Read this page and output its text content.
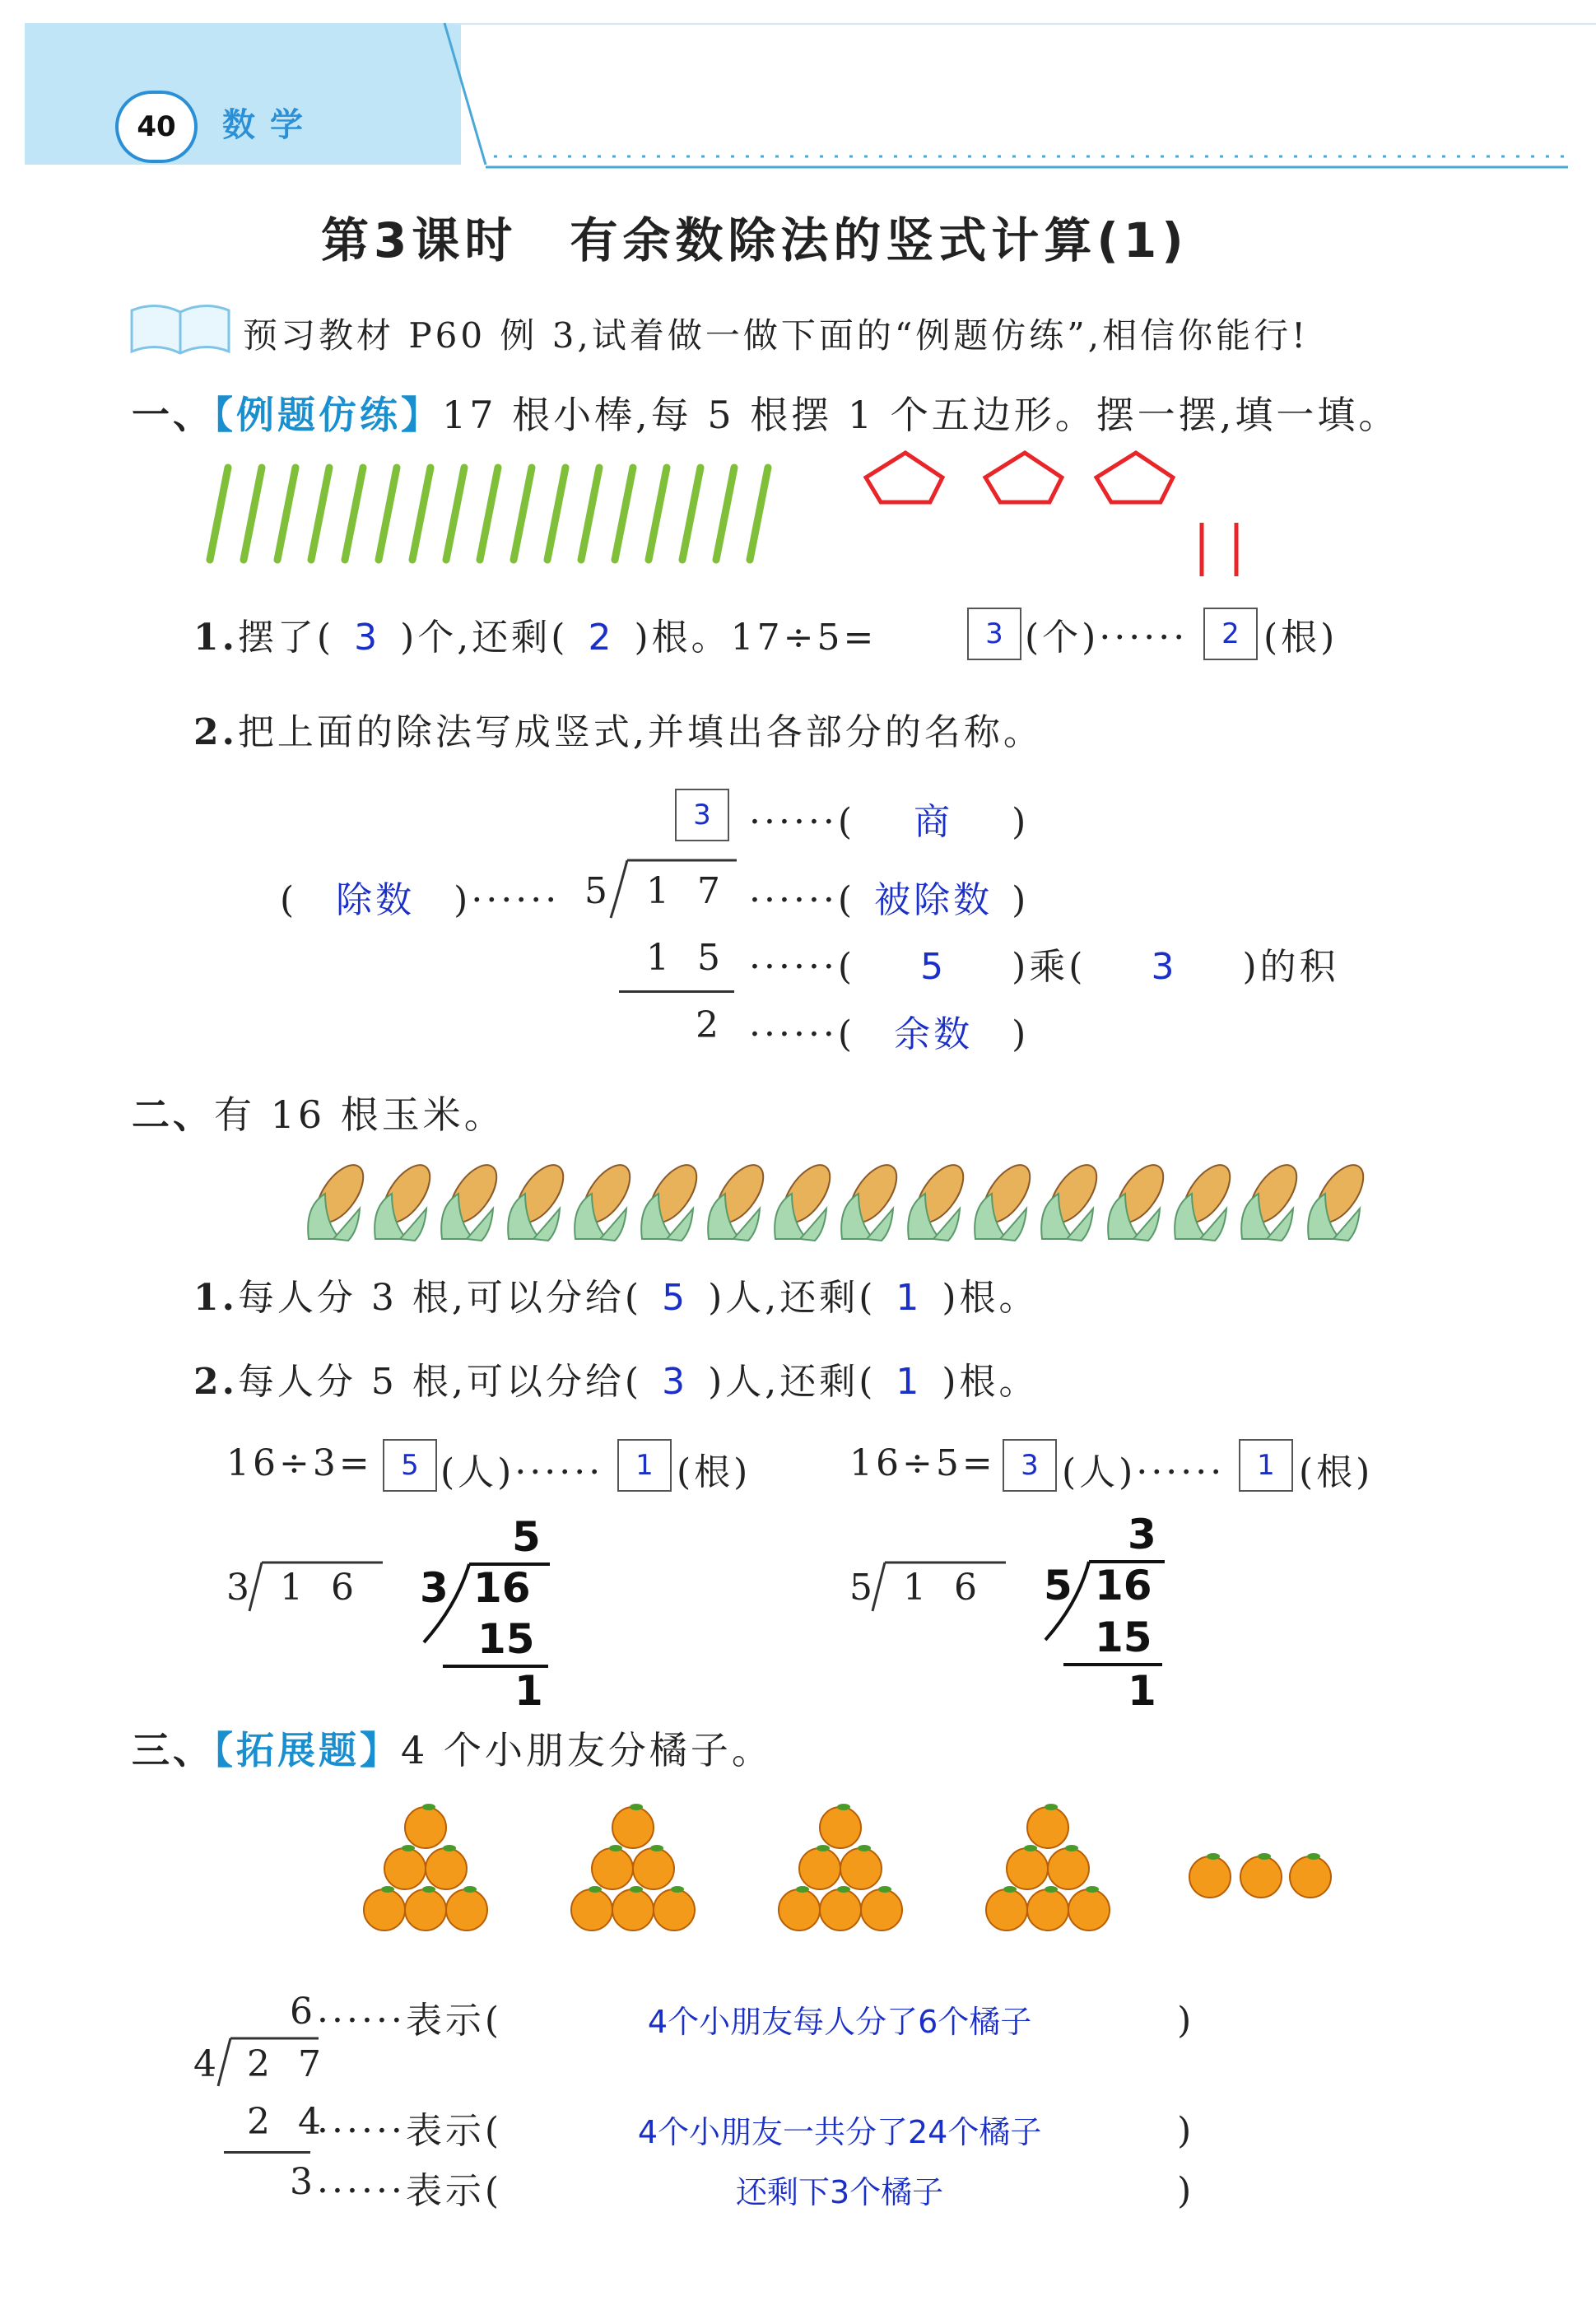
40	数学
第3课时　有余数除法的竖式计算(1)
预习教材 P60 例 3,试着做一做下面的“例题仿练”,相信你能行!
一、【例题仿练】17 根小棒,每 5 根摆 1 个五边形。摆一摆,填一填。
1.摆了( 3 )个,还剩( 2 )根。17÷5=	3 (个)······	2 (根)
2.把上面的除法写成竖式,并填出各部分的名称。
3	······( 商 )
( 除数 )······ 5 1 7 ······( 被除数 )
1 5 ······( 5 )乘( 3 )的积
2 ······( 余数 )
二、有 16 根玉米。
1.每人分 3 根,可以分给( 5 )人,还剩( 1 )根。
2.每人分 5 根,可以分给( 3 )人,还剩( 1 )根。
16÷3=	5 (人)······	1 (根)	16÷5= 3 (人)······	1 (根)
3 1 6
5
3 16
15
1
5 1 6
3
5 16
15
1
三、【拓展题】4 个小朋友分橘子。
6 ······表示(	4个小朋友每人分了6个橘子	)
4 2 7
2 4
······表示(	4个小朋友一共分了24个橘子	)
3 ······表示(	还剩下3个橘子	)
